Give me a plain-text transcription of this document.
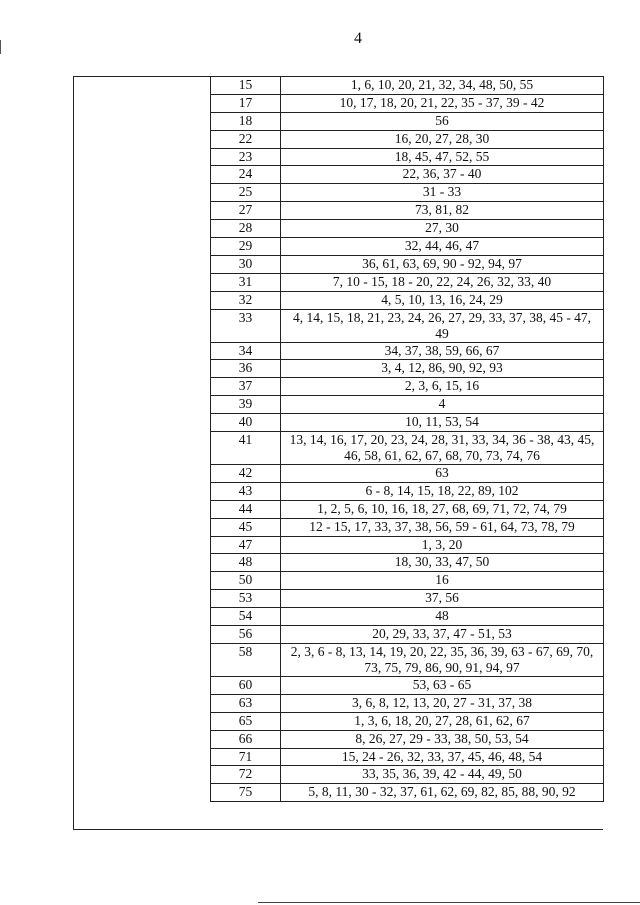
4
15	1, 6, 10, 20, 21, 32, 34, 48, 50, 55
17	10, 17, 18, 20, 21, 22, 35 - 37, 39 - 42
18	56
22	16, 20, 27, 28, 30
23	18, 45, 47, 52, 55
24	22, 36, 37 - 40
25	31 - 33
27	73, 81, 82
28	27, 30
29	32, 44, 46, 47
30	36, 61, 63, 69, 90 - 92, 94, 97
31	7, 10 - 15, 18 - 20, 22, 24, 26, 32, 33, 40
32	4, 5, 10, 13, 16, 24, 29
33	4, 14, 15, 18, 21, 23, 24, 26, 27, 29, 33, 37, 38, 45 - 47, 49
34	34, 37, 38, 59, 66, 67
36	3, 4, 12, 86, 90, 92, 93
37	2, 3, 6, 15, 16
39	4
40	10, 11, 53, 54
41	13, 14, 16, 17, 20, 23, 24, 28, 31, 33, 34, 36 - 38, 43, 45, 46, 58, 61, 62, 67, 68, 70, 73, 74, 76
42	63
43	6 - 8, 14, 15, 18, 22, 89, 102
44	1, 2, 5, 6, 10, 16, 18, 27, 68, 69, 71, 72, 74, 79
45	12 - 15, 17, 33, 37, 38, 56, 59 - 61, 64, 73, 78, 79
47	1, 3, 20
48	18, 30, 33, 47, 50
50	16
53	37, 56
54	48
56	20, 29, 33, 37, 47 - 51, 53
58	2, 3, 6 - 8, 13, 14, 19, 20, 22, 35, 36, 39, 63 - 67, 69, 70, 73, 75, 79, 86, 90, 91, 94, 97
60	53, 63 - 65
63	3, 6, 8, 12, 13, 20, 27 - 31, 37, 38
65	1, 3, 6, 18, 20, 27, 28, 61, 62, 67
66	8, 26, 27, 29 - 33, 38, 50, 53, 54
71	15, 24 - 26, 32, 33, 37, 45, 46, 48, 54
72	33, 35, 36, 39, 42 - 44, 49, 50
75	5, 8, 11, 30 - 32, 37, 61, 62, 69, 82, 85, 88, 90, 92
